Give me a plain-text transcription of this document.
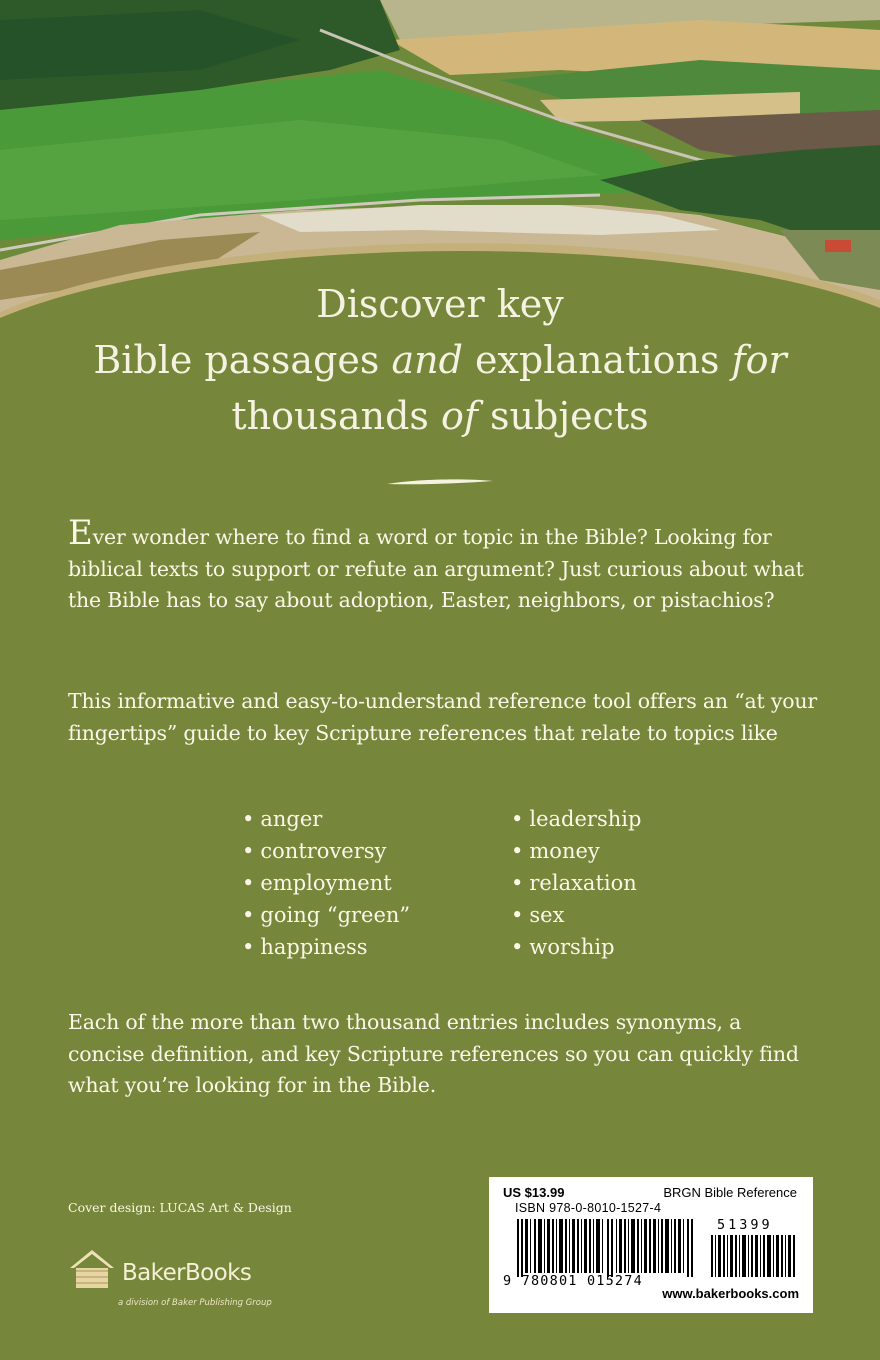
Discover key
Bible passages and explanations for
thousands of subjects
Ever wonder where to find a word or topic in the Bible? Looking for biblical texts to support or refute an argument? Just curious about what the Bible has to say about adoption, Easter, neighbors, or pistachios?
This informative and easy-to-understand reference tool offers an “at your fingertips” guide to key Scripture references that relate to topics like
• anger
• controversy
• employment
• going “green”
• happiness
• leadership
• money
• relaxation
• sex
• worship
Each of the more than two thousand entries includes synonyms, a concise definition, and key Scripture references so you can quickly find what you’re looking for in the Bible.
Cover design: LUCAS Art & Design
BakerBooks
a division of Baker Publishing Group
US $13.99	BRGN Bible Reference
ISBN 978-0-8010-1527-4
51399
9 780801 015274
www.bakerbooks.com
